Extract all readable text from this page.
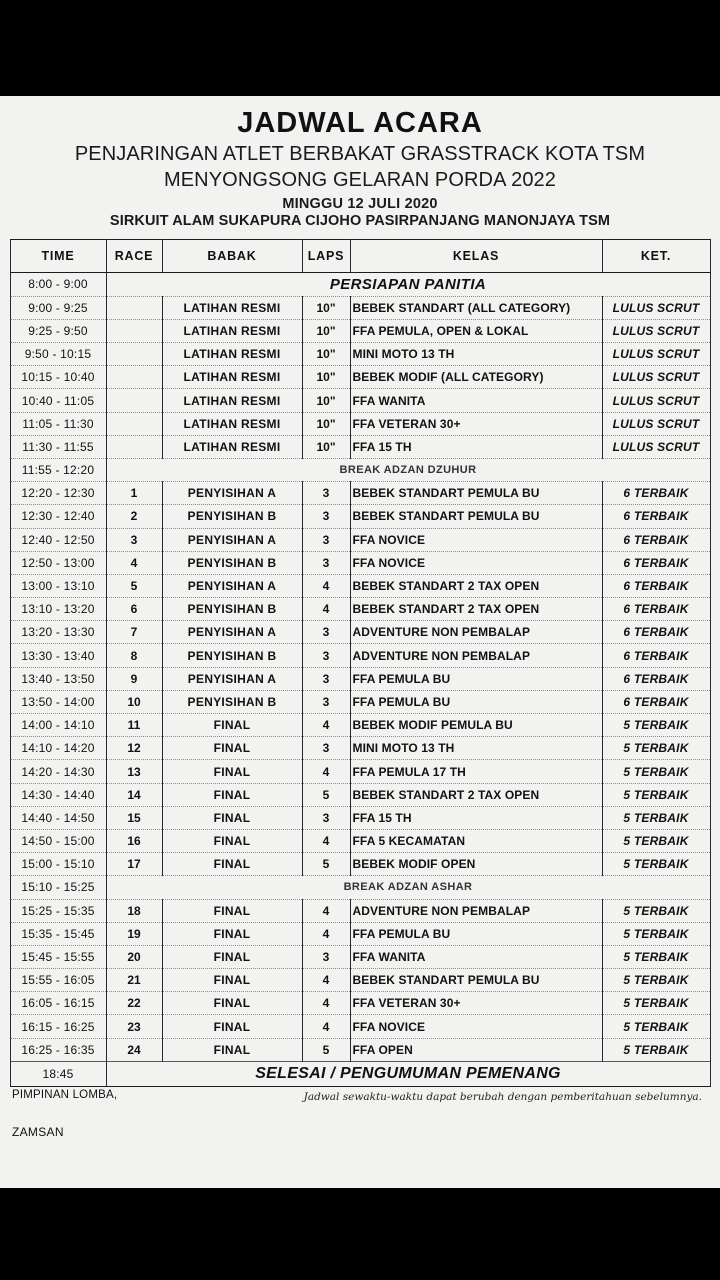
JADWAL ACARA
PENJARINGAN ATLET BERBAKAT GRASSTRACK KOTA TSM
MENYONGSONG GELARAN PORDA 2022
MINGGU 12 JULI 2020
SIRKUIT ALAM SUKAPURA CIJOHO PASIRPANJANG MANONJAYA TSM
TIME	RACE	BABAK	LAPS	KELAS	KET.
8:00 - 9:00	PERSIAPAN PANITIA				
9:00 - 9:25		LATIHAN RESMI	10"	BEBEK STANDART (ALL CATEGORY)	LULUS SCRUT
9:25 - 9:50		LATIHAN RESMI	10"	FFA PEMULA, OPEN & LOKAL	LULUS SCRUT
9:50 - 10:15		LATIHAN RESMI	10"	MINI MOTO 13 TH	LULUS SCRUT
10:15 - 10:40		LATIHAN RESMI	10"	BEBEK MODIF (ALL CATEGORY)	LULUS SCRUT
10:40 - 11:05		LATIHAN RESMI	10"	FFA WANITA	LULUS SCRUT
11:05 - 11:30		LATIHAN RESMI	10"	FFA VETERAN 30+	LULUS SCRUT
11:30 - 11:55		LATIHAN RESMI	10"	FFA 15 TH	LULUS SCRUT
11:55 - 12:20	BREAK ADZAN DZUHUR				
12:20 - 12:30	1	PENYISIHAN A	3	BEBEK STANDART PEMULA BU	6 TERBAIK
12:30 - 12:40	2	PENYISIHAN B	3	BEBEK STANDART PEMULA BU	6 TERBAIK
12:40 - 12:50	3	PENYISIHAN A	3	FFA NOVICE	6 TERBAIK
12:50 - 13:00	4	PENYISIHAN B	3	FFA NOVICE	6 TERBAIK
13:00 - 13:10	5	PENYISIHAN A	4	BEBEK STANDART 2 TAX OPEN	6 TERBAIK
13:10 - 13:20	6	PENYISIHAN B	4	BEBEK STANDART 2 TAX OPEN	6 TERBAIK
13:20 - 13:30	7	PENYISIHAN A	3	ADVENTURE NON PEMBALAP	6 TERBAIK
13:30 - 13:40	8	PENYISIHAN B	3	ADVENTURE NON PEMBALAP	6 TERBAIK
13:40 - 13:50	9	PENYISIHAN A	3	FFA PEMULA BU	6 TERBAIK
13:50 - 14:00	10	PENYISIHAN B	3	FFA PEMULA BU	6 TERBAIK
14:00 - 14:10	11	FINAL	4	BEBEK MODIF PEMULA BU	5 TERBAIK
14:10 - 14:20	12	FINAL	3	MINI MOTO 13 TH	5 TERBAIK
14:20 - 14:30	13	FINAL	4	FFA PEMULA 17 TH	5 TERBAIK
14:30 - 14:40	14	FINAL	5	BEBEK STANDART 2 TAX OPEN	5 TERBAIK
14:40 - 14:50	15	FINAL	3	FFA 15 TH	5 TERBAIK
14:50 - 15:00	16	FINAL	4	FFA 5 KECAMATAN	5 TERBAIK
15:00 - 15:10	17	FINAL	5	BEBEK MODIF OPEN	5 TERBAIK
15:10 - 15:25	BREAK ADZAN ASHAR				
15:25 - 15:35	18	FINAL	4	ADVENTURE NON PEMBALAP	5 TERBAIK
15:35 - 15:45	19	FINAL	4	FFA PEMULA BU	5 TERBAIK
15:45 - 15:55	20	FINAL	3	FFA WANITA	5 TERBAIK
15:55 - 16:05	21	FINAL	4	BEBEK STANDART PEMULA BU	5 TERBAIK
16:05 - 16:15	22	FINAL	4	FFA VETERAN 30+	5 TERBAIK
16:15 - 16:25	23	FINAL	4	FFA NOVICE	5 TERBAIK
16:25 - 16:35	24	FINAL	5	FFA OPEN	5 TERBAIK
18:45	SELESAI / PENGUMUMAN PEMENANG				
PIMPINAN LOMBA,
ZAMSAN
Jadwal sewaktu-waktu dapat berubah dengan pemberitahuan sebelumnya.
